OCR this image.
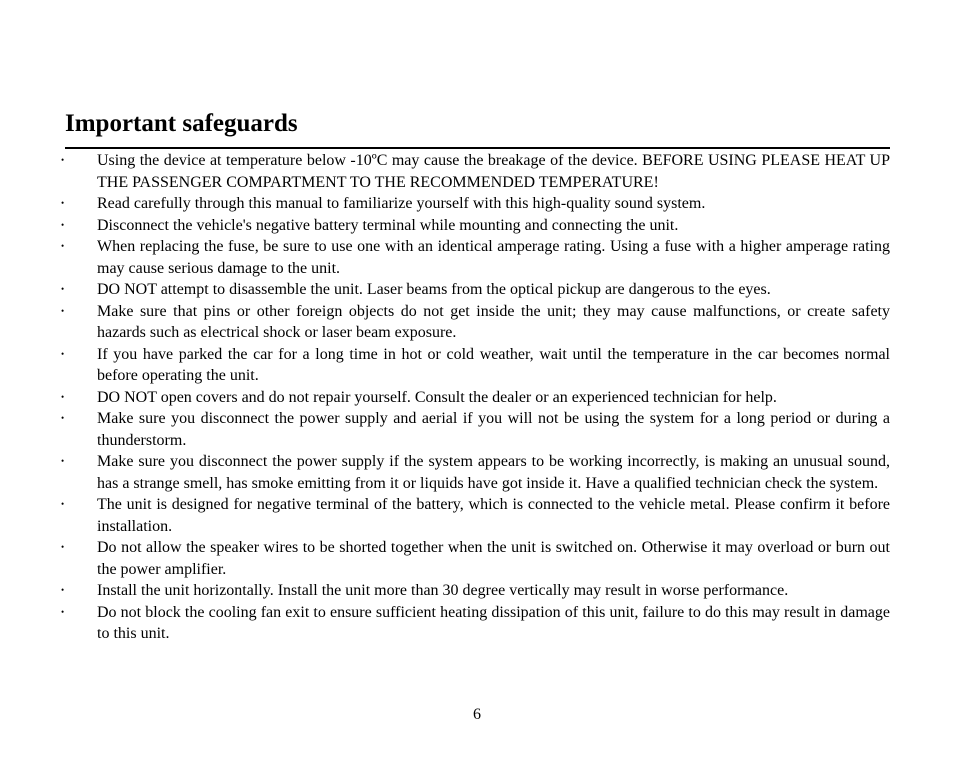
Important safeguards
•	Using the device at temperature below -10ºC may cause the breakage of the device. BEFORE USING PLEASE HEAT UP THE PASSENGER COMPARTMENT TO THE RECOMMENDED TEMPERATURE!
•	Read carefully through this manual to familiarize yourself with this high-quality sound system.
•	Disconnect the vehicle's negative battery terminal while mounting and connecting the unit.
•	When replacing the fuse, be sure to use one with an identical amperage rating. Using a fuse with a higher amperage rating may cause serious damage to the unit.
•	DO NOT attempt to disassemble the unit. Laser beams from the optical pickup are dangerous to the eyes.
•	Make sure that pins or other foreign objects do not get inside the unit; they may cause malfunctions, or create safety hazards such as electrical shock or laser beam exposure.
•	If you have parked the car for a long time in hot or cold weather, wait until the temperature in the car becomes normal before operating the unit.
•	DO NOT open covers and do not repair yourself. Consult the dealer or an experienced technician for help.
•	Make sure you disconnect the power supply and aerial if you will not be using the system for a long period or during a thunderstorm.
•	Make sure you disconnect the power supply if the system appears to be working incorrectly, is making an unusual sound, has a strange smell, has smoke emitting from it or liquids have got inside it. Have a qualified technician check the system.
•	The unit is designed for negative terminal of the battery, which is connected to the vehicle metal. Please confirm it before installation.
•	Do not allow the speaker wires to be shorted together when the unit is switched on. Otherwise it may overload or burn out the power amplifier.
•	Install the unit horizontally. Install the unit more than 30 degree vertically may result in worse performance.
•	Do not block the cooling fan exit to ensure sufficient heating dissipation of this unit, failure to do this may result in damage to this unit.
6
